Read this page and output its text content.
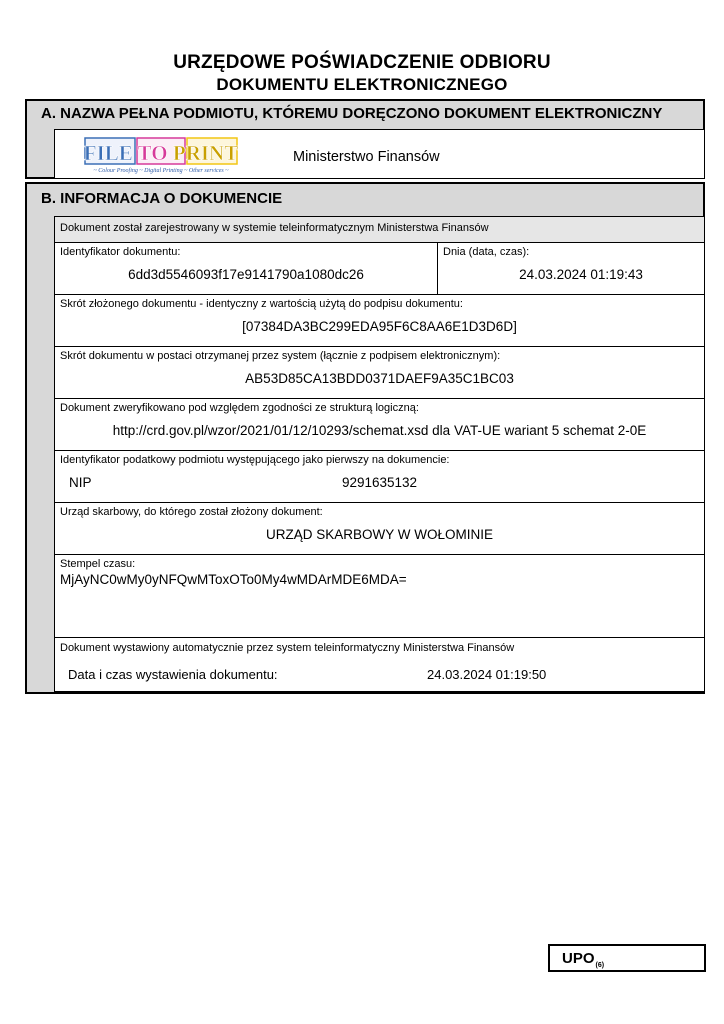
URZĘDOWE POŚWIADCZENIE ODBIORU
DOKUMENTU ELEKTRONICZNEGO
A. NAZWA PEŁNA PODMIOTU, KTÓREMU DORĘCZONO DOKUMENT ELEKTRONICZNY
FILE TO PRINT
~ Colour Proofing ~ Digital Printing ~ Other services ~
Ministerstwo Finansów
B. INFORMACJA O DOKUMENCIE
Dokument został zarejestrowany w systemie teleinformatycznym Ministerstwa Finansów
Identyfikator dokumentu:
6dd3d5546093f17e9141790a1080dc26
Dnia (data, czas):
24.03.2024 01:19:43
Skrót złożonego dokumentu - identyczny z wartością użytą do podpisu dokumentu:
[07384DA3BC299EDA95F6C8AA6E1D3D6D]
Skrót dokumentu w postaci otrzymanej przez system (łącznie z podpisem elektronicznym):
AB53D85CA13BDD0371DAEF9A35C1BC03
Dokument zweryfikowano pod względem zgodności ze strukturą logiczną:
http://crd.gov.pl/wzor/2021/01/12/10293/schemat.xsd dla VAT-UE wariant 5 schemat 2-0E
Identyfikator podatkowy podmiotu występującego jako pierwszy na dokumencie:
NIP	9291635132
Urząd skarbowy, do którego został złożony dokument:
URZĄD SKARBOWY W WOŁOMINIE
Stempel czasu:
MjAyNC0wMy0yNFQwMToxOTo0My4wMDArMDE6MDA=
Dokument wystawiony automatycznie przez system teleinformatyczny Ministerstwa Finansów
Data i czas wystawienia dokumentu:	24.03.2024 01:19:50
$UPO_{(6)}$
